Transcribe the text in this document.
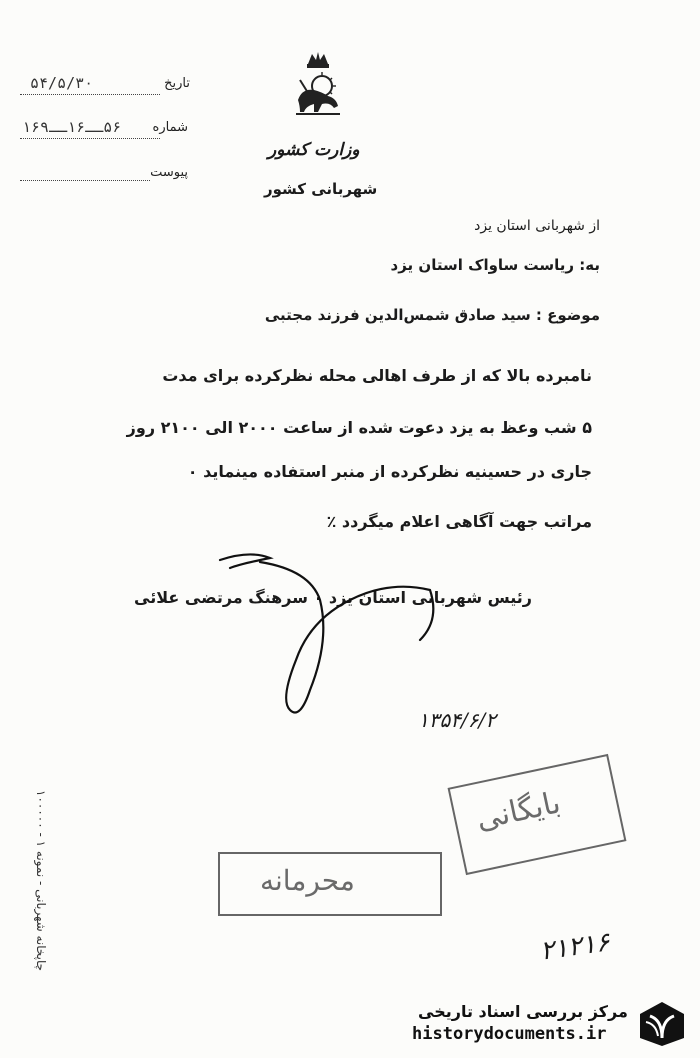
تاریخ
۵۴/۵/۳۰
شماره
۵۶ــ۱۶ــ۱۶۹
پیوست
وزارت کشور
شهربانی کشور
از شهربانی استان یزد
به: ریاست ساواک استان یزد
موضوع : سید صادق شمس‌الدین فرزند مجتبی
نامبرده بالا که از طرف اهالی محله نظرکرده برای مدت
۵ شب وعظ به یزد دعوت شده از ساعت ۲۰۰۰ الی ۲۱۰۰ روز
جاری در حسینیه نظرکرده از منبر استفاده مینماید ۰
مراتب جهت آگاهی اعلام میگردد ٪
رئیس شهربانی استان یزد ۰ سرهنگ مرتضی علائی
۱۳۵۴/۶/۲
چاپخانه شهربانی - نمونه ۱ - ۱۰۰۰۰۰
بایگانی
محرمانه
۲۱۲۱۶
مرکز بررسی اسناد تاریخی
historydocuments.ir
